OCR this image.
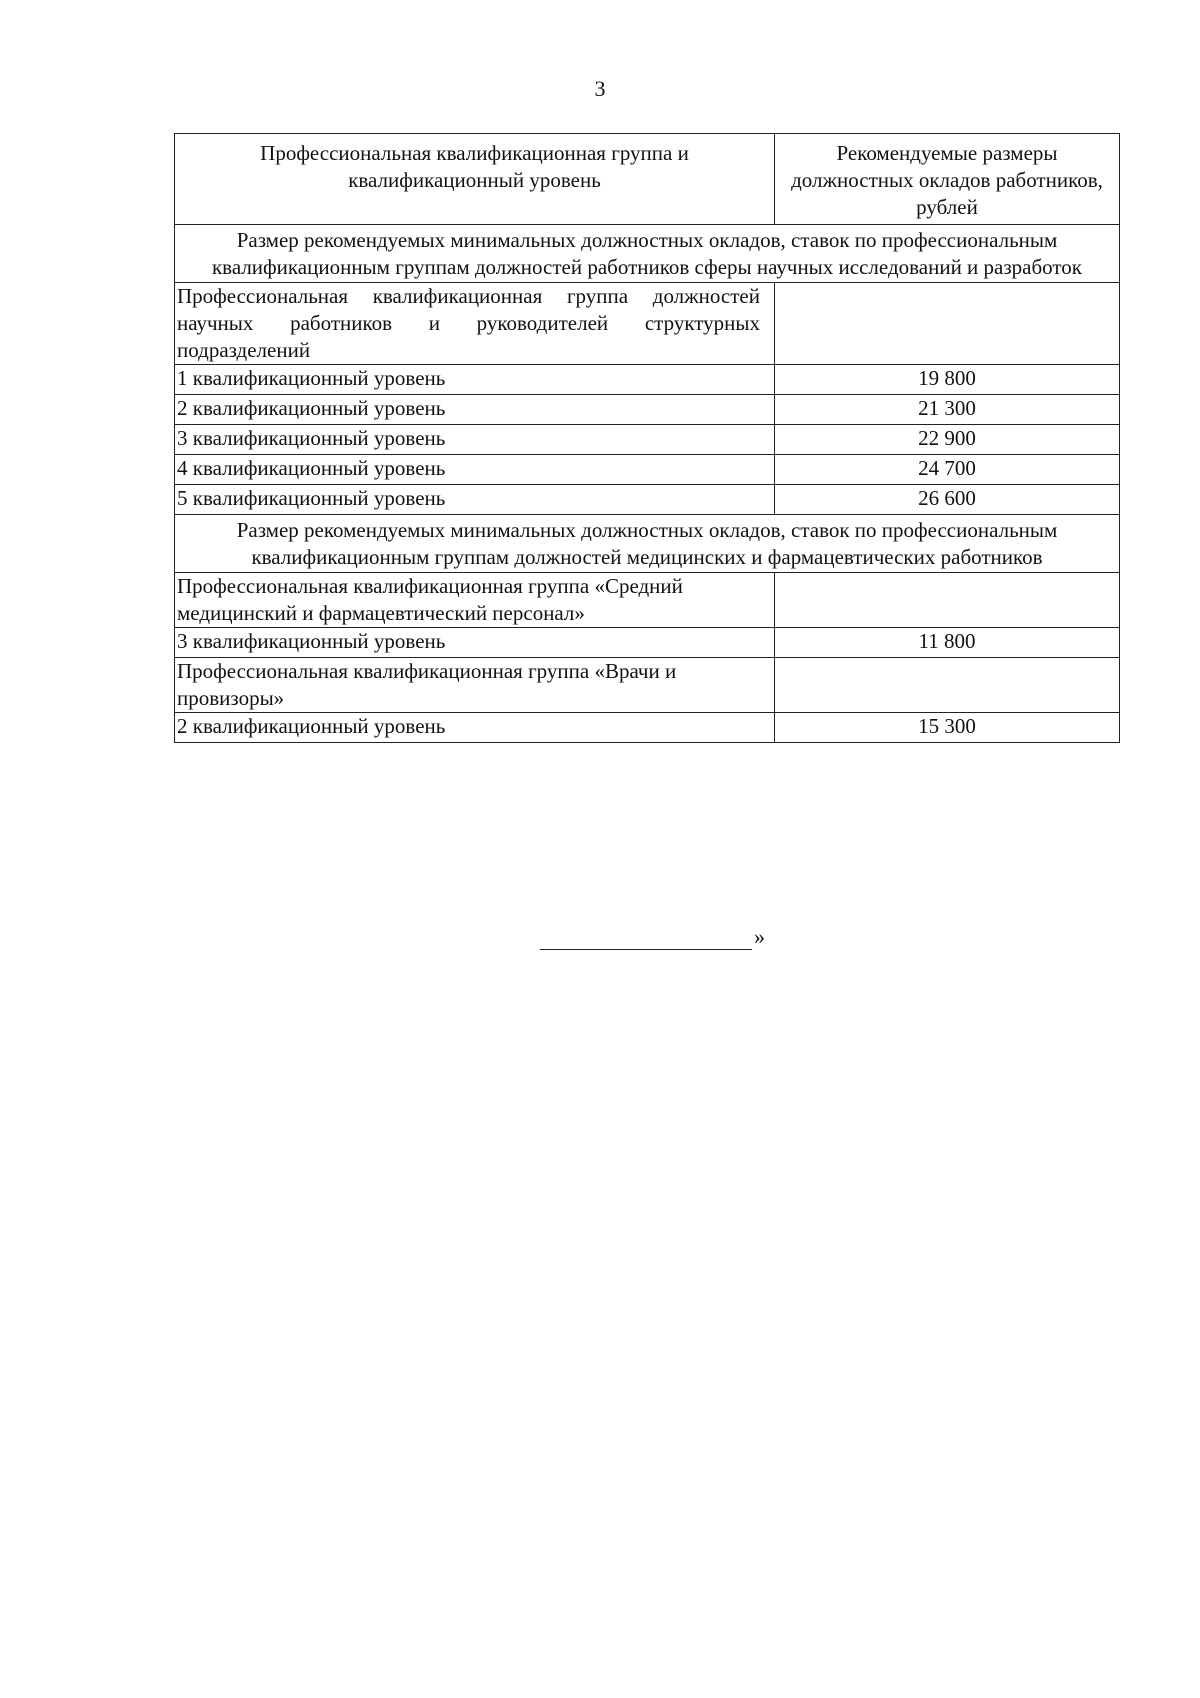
3
Профессиональная квалификационная группа и квалификационный уровень	Рекомендуемые размеры должностных окладов работников, рублей
Размер рекомендуемых минимальных должностных окладов, ставок по профессиональным квалификационным группам должностей работников сферы научных исследований и разработок	
Профессиональная квалификационная группа должностей научных работников и руководителей структурных подразделений	
1 квалификационный уровень	19 800
2 квалификационный уровень	21 300
3 квалификационный уровень	22 900
4 квалификационный уровень	24 700
5 квалификационный уровень	26 600
Размер рекомендуемых минимальных должностных окладов, ставок по профессиональным квалификационным группам должностей медицинских и фармацевтических работников	
Профессиональная квалификационная группа «Средний медицинский и фармацевтический персонал»	
3 квалификационный уровень	11 800
Профессиональная квалификационная группа «Врачи и провизоры»	
2 квалификационный уровень	15 300
»
